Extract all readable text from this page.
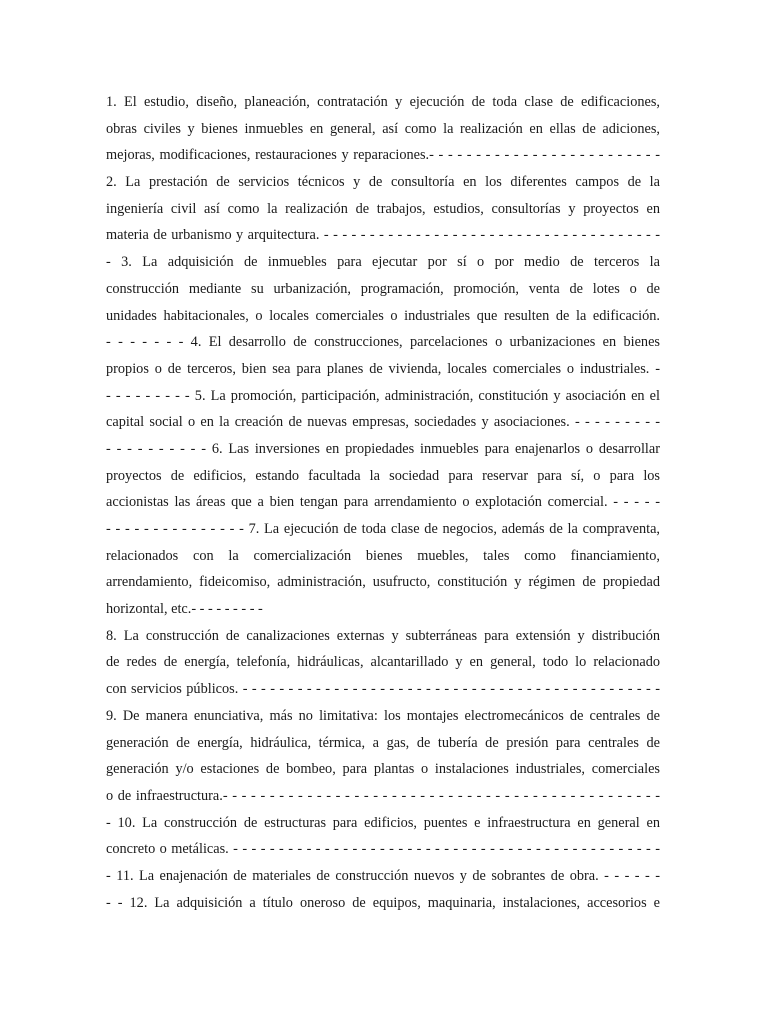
1. El estudio, diseño, planeación, contratación y ejecución de toda clase de edificaciones,
obras civiles y bienes inmuebles en general, así como la realización en ellas de adiciones,
mejoras, modificaciones, restauraciones y reparaciones.- - - - - - - - - - - - - - - - - - - - - - - - -
2. La prestación de servicios técnicos y de consultoría en los diferentes campos de la
ingeniería civil así como la realización de trabajos, estudios, consultorías y proyectos en
materia de urbanismo y arquitectura. - - - - - - - - - - - - - - - - - - - - - - - - - - - - - - - - - - - - -
- 3. La adquisición de inmuebles para ejecutar por sí o por medio de terceros la
construcción mediante su urbanización, programación, promoción, venta de lotes o de
unidades habitacionales, o locales comerciales o industriales que resulten de la edificación.
- - - - - - - 4. El desarrollo de construcciones, parcelaciones o urbanizaciones en bienes
propios o de terceros, bien sea para planes de vivienda, locales comerciales o industriales. -
- - - - - - - - - 5. La promoción, participación, administración, constitución y asociación en el
capital social o en la creación de nuevas empresas, sociedades y asociaciones. - - - - - - - - -
- - - - - - - - - - 6. Las inversiones en propiedades inmuebles para enajenarlos o desarrollar
proyectos de edificios, estando facultada la sociedad para reservar para sí, o para los
accionistas las áreas que a bien tengan para arrendamiento o explotación comercial. - - - - -
- - - - - - - - - - - - - - - 7. La ejecución de toda clase de negocios, además de la compraventa,
relacionados con la comercialización bienes muebles, tales como financiamiento,
arrendamiento, fideicomiso, administración, usufructo, constitución y régimen de propiedad
horizontal, etc.- - - - - - - - -
8. La construcción de canalizaciones externas y subterráneas para extensión y distribución
de redes de energía, telefonía, hidráulicas, alcantarillado y en general, todo lo relacionado
con servicios públicos. - - - - - - - - - - - - - - - - - - - - - - - - - - - - - - - - - - - - - - - - - - - - - -
9. De manera enunciativa, más no limitativa: los montajes electromecánicos de centrales de
generación de energía, hidráulica, térmica, a gas, de tubería de presión para centrales de
generación y/o estaciones de bombeo, para plantas o instalaciones industriales, comerciales
o de infraestructura.- - - - - - - - - - - - - - - - - - - - - - - - - - - - - - - - - - - - - - - - - - - - - - -
- 10. La construcción de estructuras para edificios, puentes e infraestructura en general en
concreto o metálicas. - - - - - - - - - - - - - - - - - - - - - - - - - - - - - - - - - - - - - - - - - - - - - - -
- 11. La enajenación de materiales de construcción nuevos y de sobrantes de obra. - - - - - -
- - 12. La adquisición a título oneroso de equipos, maquinaria, instalaciones, accesorios e
